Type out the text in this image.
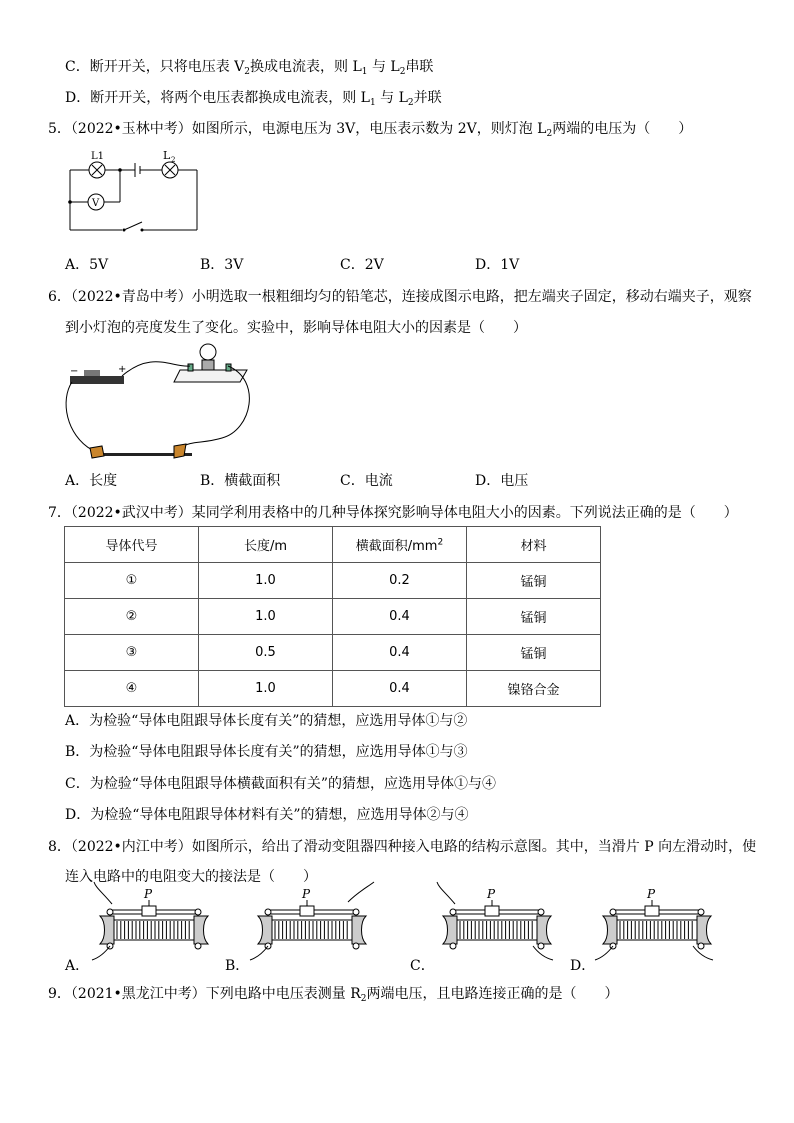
C．断开开关，只将电压表 $V_2$换成电流表，则 $L_1$ 与 $L_2$串联
D．断开开关，将两个电压表都换成电流表，则 $L_1$ 与 $L_2$并联
5．（2022•玉林中考）如图所示，电源电压为 3V，电压表示数为 2V，则灯泡 $L_2$两端的电压为（　　）
L1	L 2
V
A．5V	B．3V	C．2V	D．1V
6．（2022•青岛中考）小明选取一根粗细均匀的铅笔芯，连接成图示电路，把左端夹子固定，移动右端夹子，观察
到小灯泡的亮度发生了变化。实验中，影响导体电阻大小的因素是（　　）
−	+
A．长度	B．横截面积	C．电流	D．电压
7．（2022•武汉中考）某同学利用表格中的几种导体探究影响导体电阻大小的因素。下列说法正确的是（　　）
导体代号	长度/m	横截面积$/mm^2$	材料
①	1.0	0.2	锰铜
②	1.0	0.4	锰铜
③	0.5	0.4	锰铜
④	1.0	0.4	镍铬合金
A．为检验“导体电阻跟导体长度有关”的猜想，应选用导体①与②
B．为检验“导体电阻跟导体长度有关”的猜想，应选用导体①与③
C．为检验“导体电阻跟导体横截面积有关”的猜想，应选用导体①与④
D．为检验“导体电阻跟导体材料有关”的猜想，应选用导体②与④
8．（2022•内江中考）如图所示，给出了滑动变阻器四种接入电路的结构示意图。其中，当滑片 P 向左滑动时，使
连入电路中的电阻变大的接法是（　　）
P	P	P	P
A．	B．	C．	D．
9．（2021•黑龙江中考）下列电路中电压表测量 $R_2$两端电压，且电路连接正确的是（　　）
